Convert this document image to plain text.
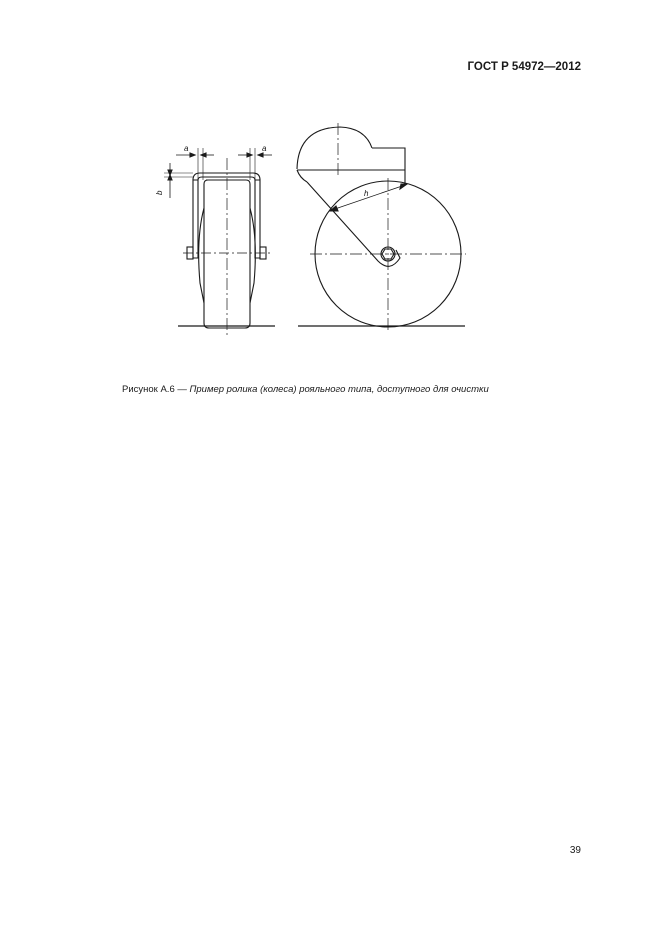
ГОСТ Р 54972—2012
a	a
b	h
Рисунок А.6 — Пример ролика (колеса) рояльного типа, доступного для очистки
39
